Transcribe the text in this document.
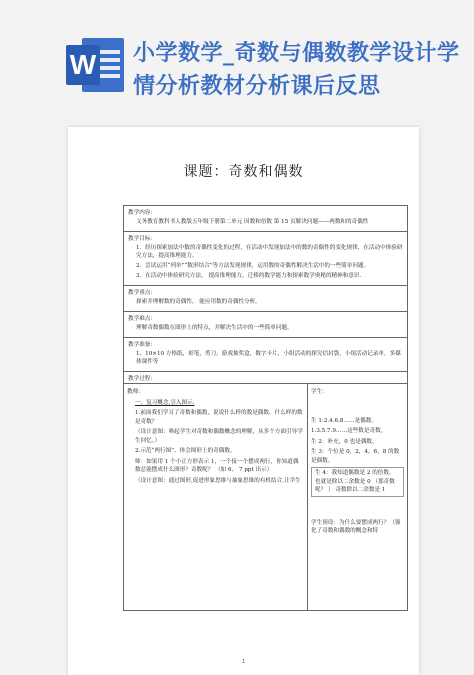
W 小学数学_奇数与偶数教学设计学情分析教材分析课后反思
课题：奇数和偶数
教学内容：

义务教育教科书人教版五年级下册第二单元 因数和倍数 第 15 页解决问题——两数和的奇偶性

教学目标：

1．经历探索加法中数的奇偶性变化的过程，在活动中发现加法中的数的奇偶性的变化规律，在活动中体验研究方法，提高推理能力。

2．尝试运用“列举”“数形结合”等方法发现规律，运用数的奇偶性解决生活中的一些简单问题。

3．在活动中体验研究方法， 提高推理能力，迁移的数学能力和探索数学奥秘的精神和意识．

教学重点：

探索并理解数的奇偶性， 能应用数的奇偶性分析。

教学难点：

理解奇数偶数在图形上的特点，并解决生活中的一些简单问题。

教学准备：

1、10×10 方格纸，彩笔，剪刀，游戏抽奖盒，数字卡片，小组活动的探究信封袋，小组活动记录单，多媒体课件等

教学过程：

教师：

一、复习概念,引入图示.

1.前面我们学习了奇数和偶数，说说什么样的数是偶数，什么样的数是奇数？

（设计意图：唤起学生对奇数和偶数概念的理解，从多个方面引导学生回忆。）

2.示范“两行图”、体会图形上的奇偶数。

师：如果用 1 个小正方形表示 1，一个接一个摆成两行，你知道偶数总能摆成什么图形？奇数呢？ （如 6、 7 ppt 出示）

（设计意图：通过图形,促进形象思维与抽象思维的有机结合,让学生

学生：

生 1:2.4.6.8……是偶数。

1.3.5.7.9……这些数是奇数。

生 2：补充，0 也是偶数。

生 3：个位是 0，2，4，6，8 的数是偶数。

生 4：我知道偶数是 2 的倍数，也就是除以二余数是 0 （那奇数呢？ ） 奇数除以二余数是 1

学生预设：为什么要摆成两行？（强化了奇数和偶数的概念和特

1
